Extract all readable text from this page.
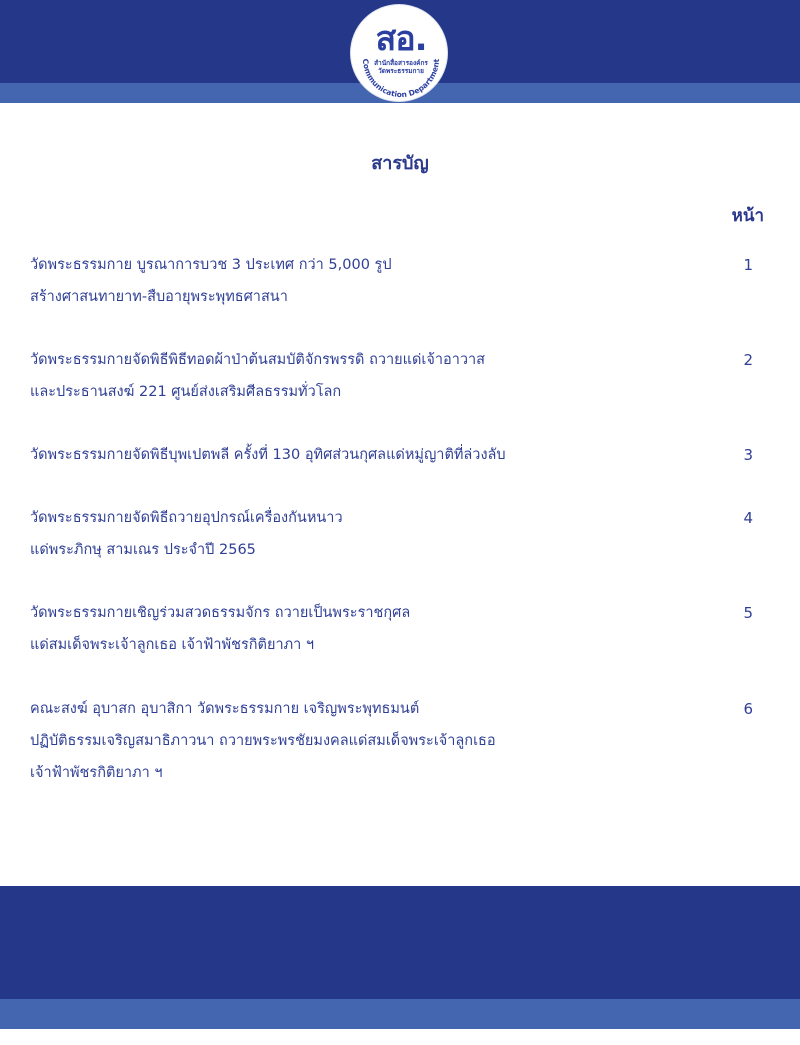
สอ.
สำนักสื่อสารองค์กร
วัดพระธรรมกาย
Communication Department
สารบัญ
หน้า
วัดพระธรรมกาย บูรณาการบวช 3 ประเทศ กว่า 5,000 รูป
สร้างศาสนทายาท-สืบอายุพระพุทธศาสนา
1
วัดพระธรรมกายจัดพิธีพิธีทอดผ้าป่าต้นสมบัติจักรพรรดิ ถวายแด่เจ้าอาวาส
และประธานสงฆ์ 221 ศูนย์ส่งเสริมศีลธรรมทั่วโลก
2
วัดพระธรรมกายจัดพิธีบุพเปตพลี ครั้งที่ 130 อุทิศส่วนกุศลแด่หมู่ญาติที่ล่วงลับ	3
วัดพระธรรมกายจัดพิธีถวายอุปกรณ์เครื่องกันหนาว
แด่พระภิกษุ สามเณร ประจำปี 2565
4
วัดพระธรรมกายเชิญร่วมสวดธรรมจักร ถวายเป็นพระราชกุศล
แด่สมเด็จพระเจ้าลูกเธอ เจ้าฟ้าพัชรกิติยาภา ฯ
5
คณะสงฆ์ อุบาสก อุบาสิกา วัดพระธรรมกาย เจริญพระพุทธมนต์
ปฏิบัติธรรมเจริญสมาธิภาวนา ถวายพระพรชัยมงคลแด่สมเด็จพระเจ้าลูกเธอ
เจ้าฟ้าพัชรกิติยาภา ฯ
6
